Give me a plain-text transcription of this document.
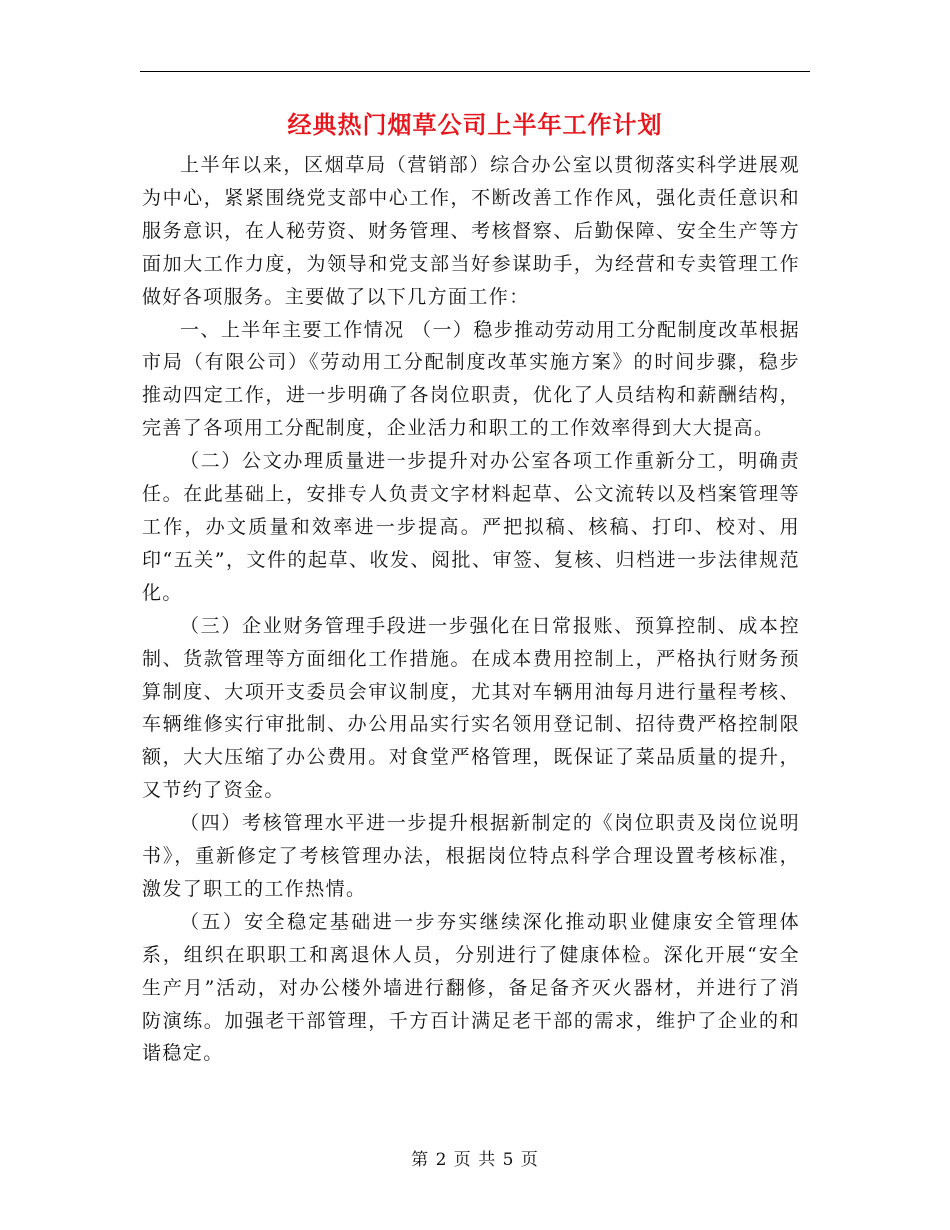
经典热门烟草公司上半年工作计划

上半年以来，区烟草局（营销部）综合办公室以贯彻落实科学进展观为中心，紧紧围绕党支部中心工作，不断改善工作作风，强化责任意识和服务意识，在人秘劳资、财务管理、考核督察、后勤保障、安全生产等方面加大工作力度，为领导和党支部当好参谋助手，为经营和专卖管理工作做好各项服务。主要做了以下几方面工作：

一、上半年主要工作情况 （一）稳步推动劳动用工分配制度改革根据市局（有限公司）《劳动用工分配制度改革实施方案》的时间步骤，稳步推动四定工作，进一步明确了各岗位职责，优化了人员结构和薪酬结构，完善了各项用工分配制度，企业活力和职工的工作效率得到大大提高。

（二）公文办理质量进一步提升对办公室各项工作重新分工，明确责任。在此基础上，安排专人负责文字材料起草、公文流转以及档案管理等工作，办文质量和效率进一步提高。严把拟稿、核稿、打印、校对、用印“五关”，文件的起草、收发、阅批、审签、复核、归档进一步法律规范化。

（三）企业财务管理手段进一步强化在日常报账、预算控制、成本控制、货款管理等方面细化工作措施。在成本费用控制上，严格执行财务预算制度、大项开支委员会审议制度，尤其对车辆用油每月进行量程考核、车辆维修实行审批制、办公用品实行实名领用登记制、招待费严格控制限额，大大压缩了办公费用。对食堂严格管理，既保证了菜品质量的提升，又节约了资金。

（四）考核管理水平进一步提升根据新制定的《岗位职责及岗位说明书》，重新修定了考核管理办法，根据岗位特点科学合理设置考核标准，激发了职工的工作热情。

（五）安全稳定基础进一步夯实继续深化推动职业健康安全管理体系，组织在职职工和离退休人员，分别进行了健康体检。深化开展“安全生产月”活动，对办公楼外墙进行翻修，备足备齐灭火器材，并进行了消防演练。加强老干部管理，千方百计满足老干部的需求，维护了企业的和谐稳定。

第 2 页 共 5 页
